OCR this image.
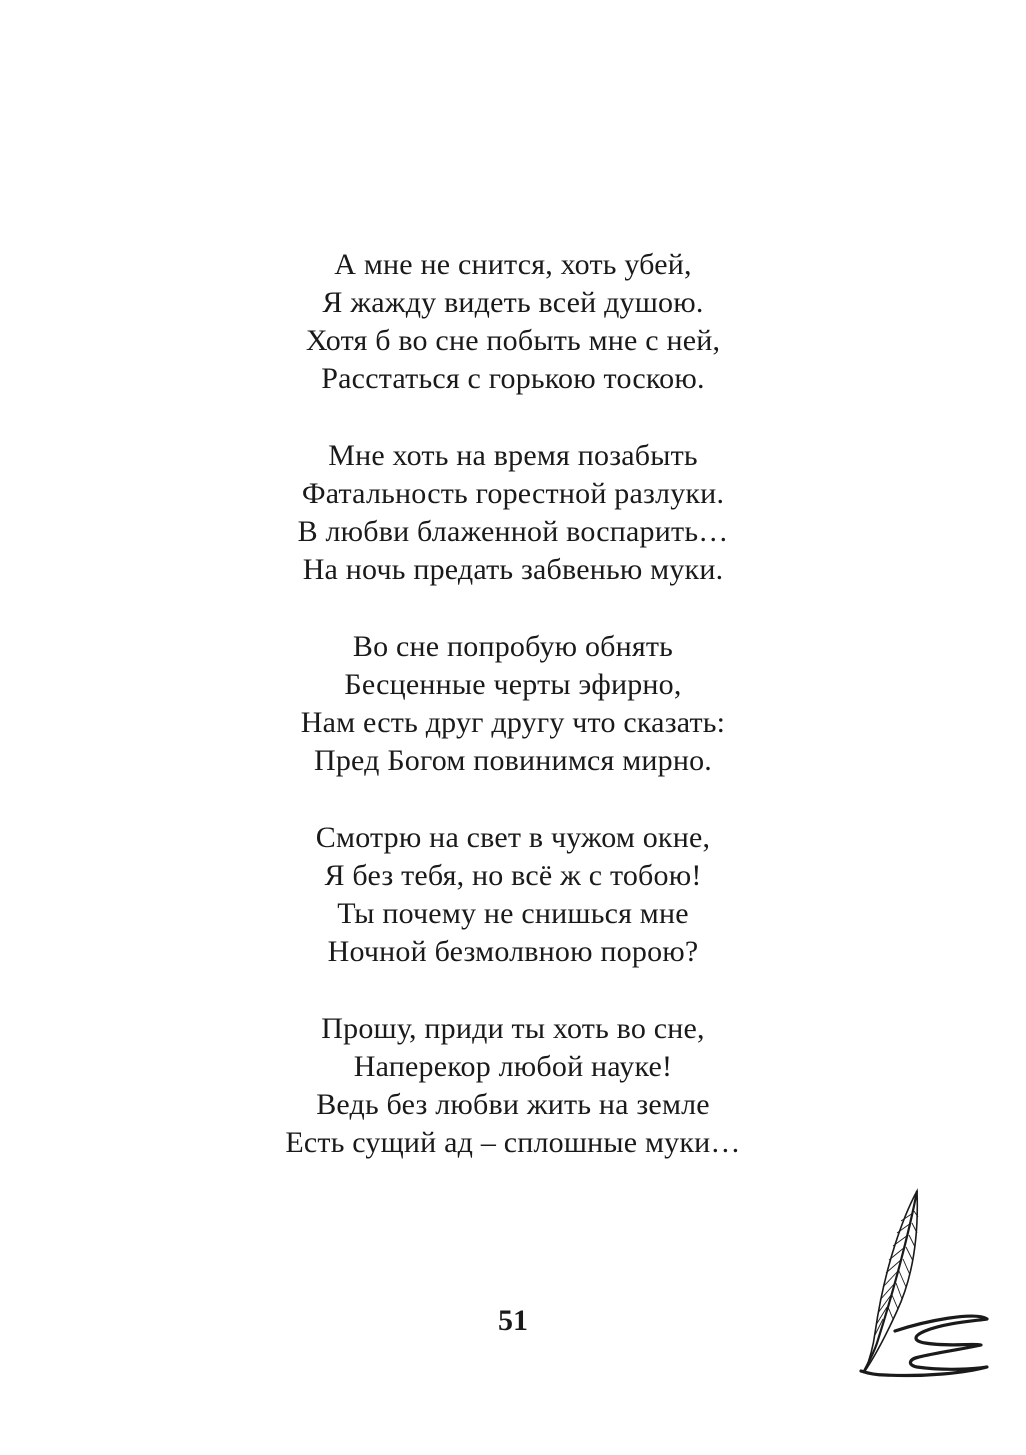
А мне не снится, хоть убей,
Я жажду видеть всей душою.
Хотя б во сне побыть мне с ней,
Расстаться с горькою тоскою.
Мне хоть на время позабыть
Фатальность горестной разлуки.
В любви блаженной воспарить…
На ночь предать забвенью муки.
Во сне попробую обнять
Бесценные черты эфирно,
Нам есть друг другу что сказать:
Пред Богом повинимся мирно.
Смотрю на свет в чужом окне,
Я без тебя, но всё ж с тобою!
Ты почему не снишься мне
Ночной безмолвною порою?
Прошу, приди ты хоть во сне,
Наперекор любой науке!
Ведь без любви жить на земле
Есть сущий ад – сплошные муки…
51
